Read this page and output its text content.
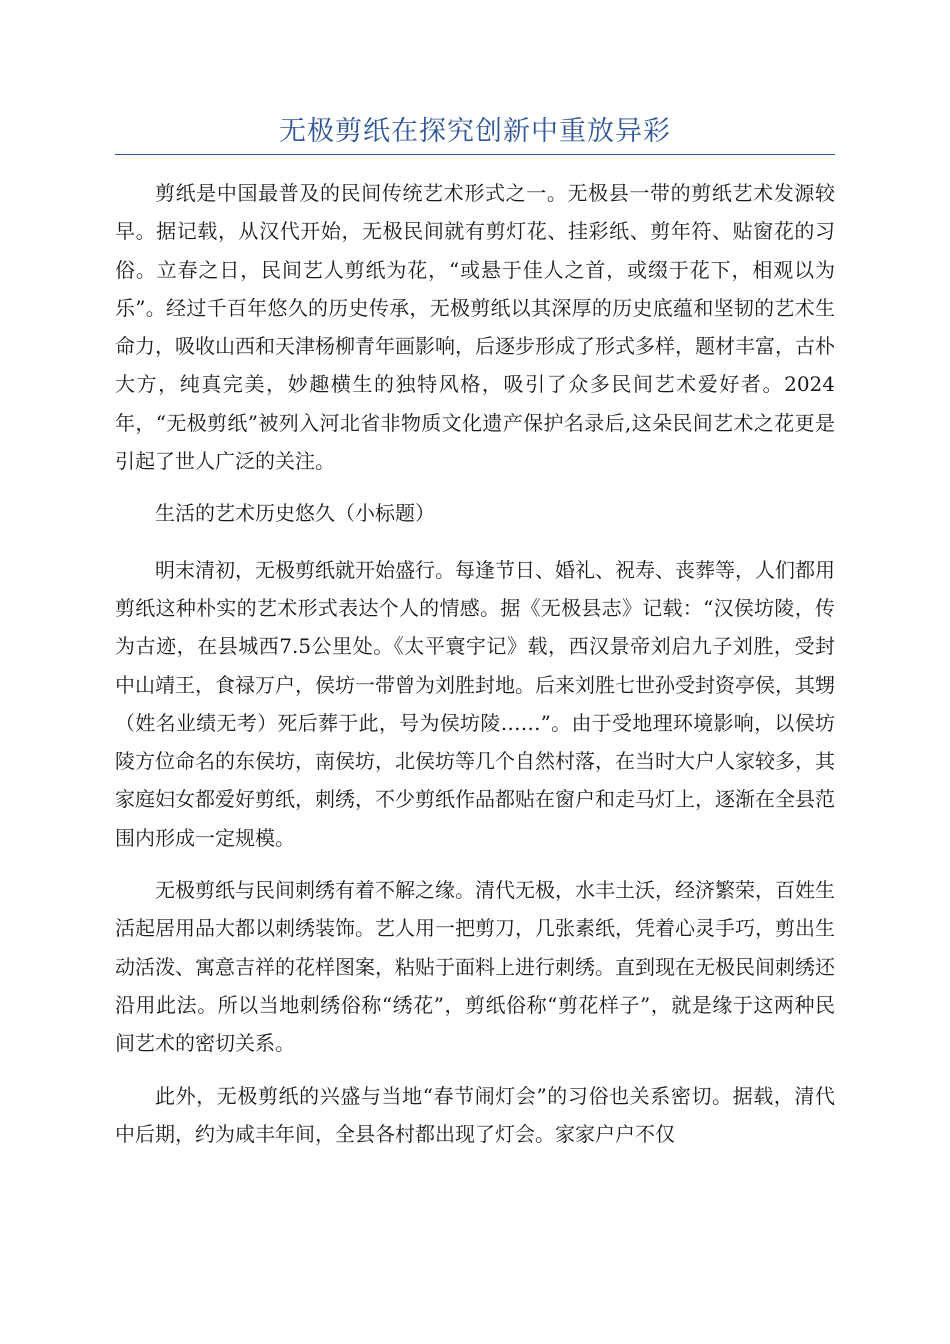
无极剪纸在探究创新中重放异彩

剪纸是中国最普及的民间传统艺术形式之一。无极县一带的剪纸艺术发源较早。据记载，从汉代开始，无极民间就有剪灯花、挂彩纸、剪年符、贴窗花的习俗。立春之日，民间艺人剪纸为花，“或悬于佳人之首，或缀于花下，相观以为乐”。经过千百年悠久的历史传承，无极剪纸以其深厚的历史底蕴和坚韧的艺术生命力，吸收山西和天津杨柳青年画影响，后逐步形成了形式多样，题材丰富，古朴大方，纯真完美，妙趣横生的独特风格，吸引了众多民间艺术爱好者。2024年，“无极剪纸”被列入河北省非物质文化遗产保护名录后,这朵民间艺术之花更是引起了世人广泛的关注。

生活的艺术历史悠久（小标题）

明末清初，无极剪纸就开始盛行。每逢节日、婚礼、祝寿、丧葬等，人们都用剪纸这种朴实的艺术形式表达个人的情感。据《无极县志》记载：“汉侯坊陵，传为古迹，在县城西7.5公里处。《太平寰宇记》载，西汉景帝刘启九子刘胜，受封中山靖王，食禄万户，侯坊一带曾为刘胜封地。后来刘胜七世孙受封资亭侯，其甥（姓名业绩无考）死后葬于此，号为侯坊陵……”。由于受地理环境影响，以侯坊陵方位命名的东侯坊，南侯坊，北侯坊等几个自然村落，在当时大户人家较多，其家庭妇女都爱好剪纸，刺绣，不少剪纸作品都贴在窗户和走马灯上，逐渐在全县范围内形成一定规模。

无极剪纸与民间刺绣有着不解之缘。清代无极，水丰土沃，经济繁荣，百姓生活起居用品大都以刺绣装饰。艺人用一把剪刀，几张素纸，凭着心灵手巧，剪出生动活泼、寓意吉祥的花样图案，粘贴于面料上进行刺绣。直到现在无极民间刺绣还沿用此法。所以当地刺绣俗称“绣花”，剪纸俗称“剪花样子”，就是缘于这两种民间艺术的密切关系。

此外，无极剪纸的兴盛与当地“春节闹灯会”的习俗也关系密切。据载，清代中后期，约为咸丰年间，全县各村都出现了灯会。家家户户不仅
